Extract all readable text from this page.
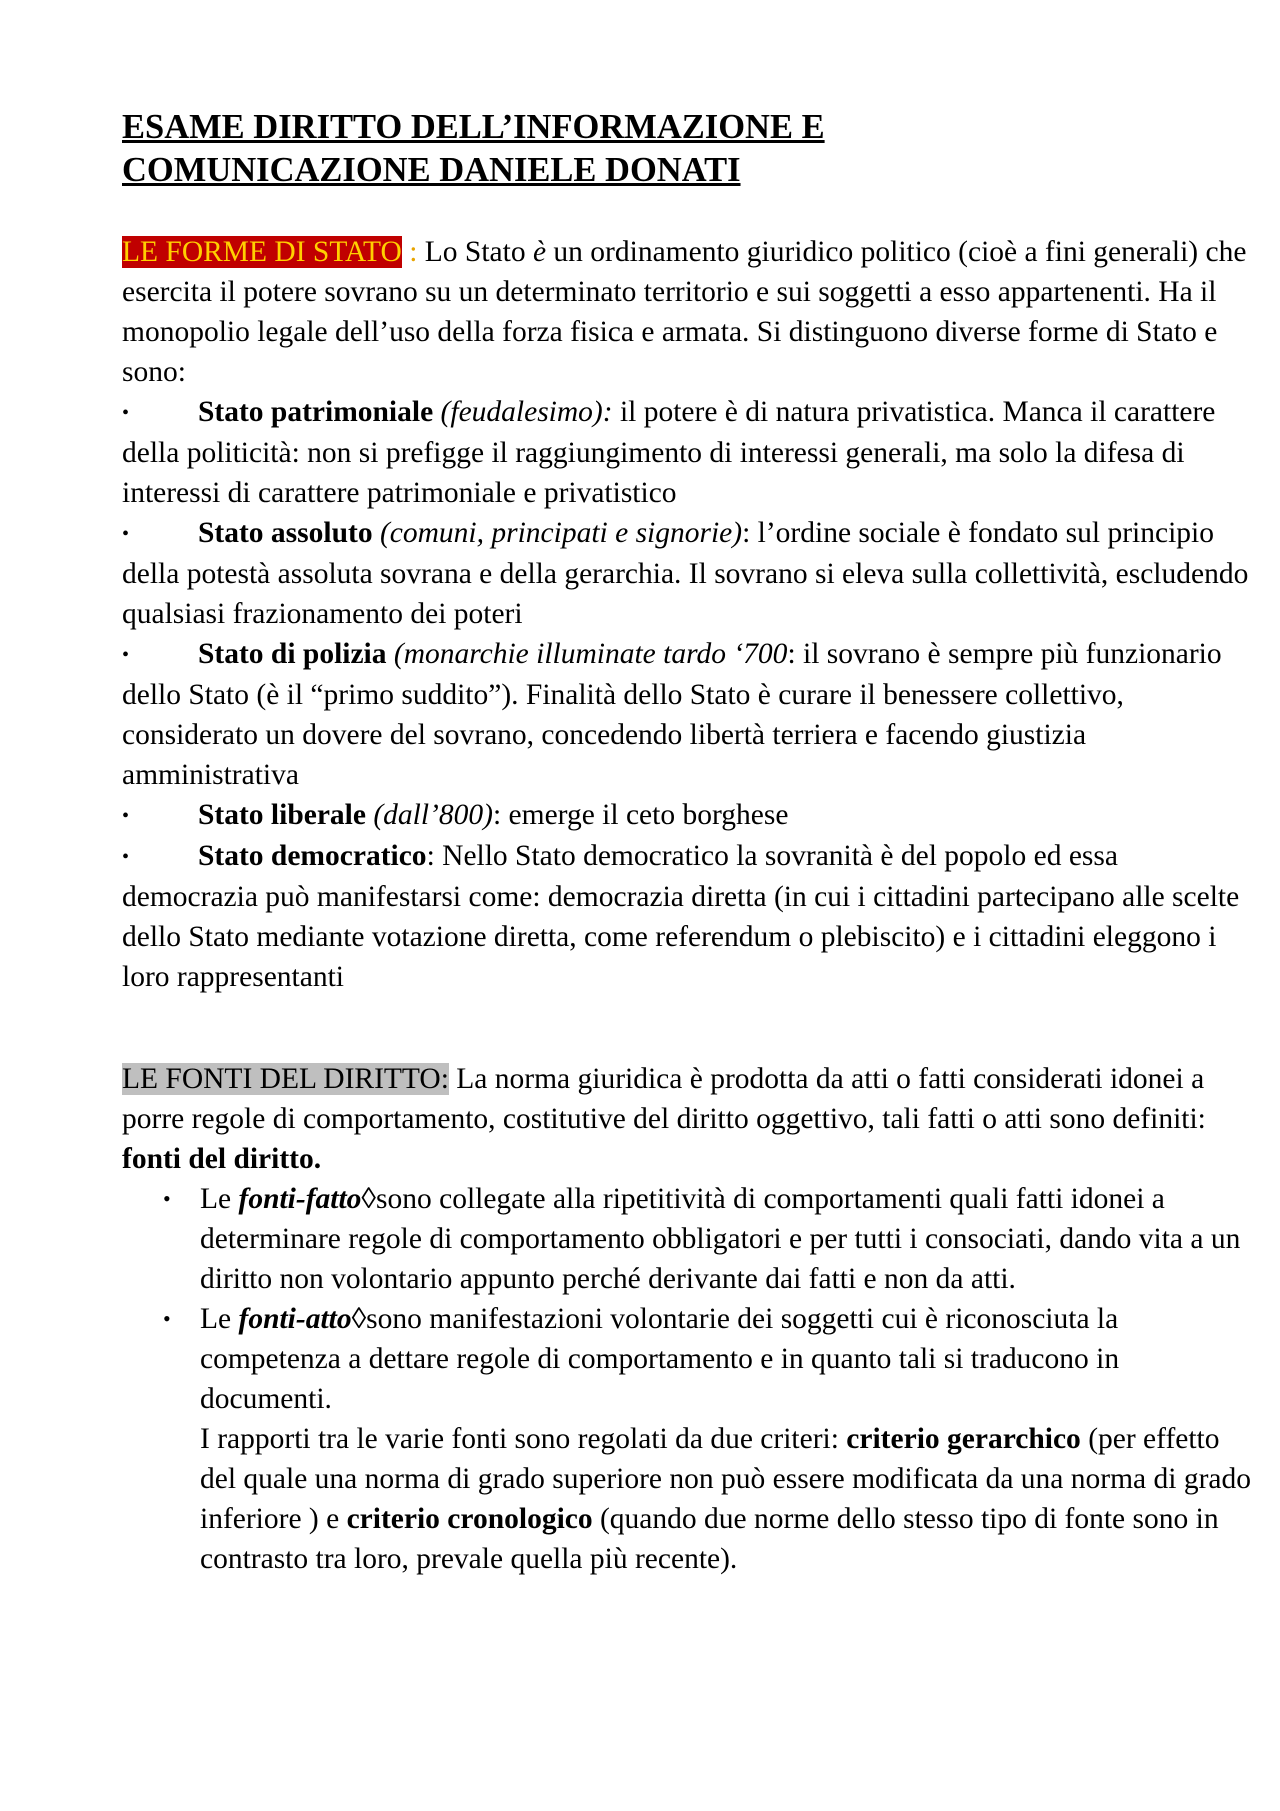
ESAME DIRITTO DELL’INFORMAZIONE E
COMUNICAZIONE DANIELE DONATI

LE FORME DI STATO : Lo Stato è un ordinamento giuridico politico (cioè a fini generali) che esercita il potere sovrano su un determinato territorio e sui soggetti a esso appartenenti. Ha il monopolio legale dell’uso della forza fisica e armata. Si distinguono diverse forme di Stato e sono:

•Stato patrimoniale (feudalesimo): il potere è di natura privatistica. Manca il carattere della politicità: non si prefigge il raggiungimento di interessi generali, ma solo la difesa di interessi di carattere patrimoniale e privatistico
•Stato assoluto (comuni, principati e signorie): l’ordine sociale è fondato sul principio della potestà assoluta sovrana e della gerarchia. Il sovrano si eleva sulla collettività, escludendo qualsiasi frazionamento dei poteri
•Stato di polizia (monarchie illuminate tardo ‘700: il sovrano è sempre più funzionario dello Stato (è il “primo suddito”). Finalità dello Stato è curare il benessere collettivo, considerato un dovere del sovrano, concedendo libertà terriera e facendo giustizia amministrativa
•Stato liberale (dall’800): emerge il ceto borghese
•Stato democratico: Nello Stato democratico la sovranità è del popolo ed essa democrazia può manifestarsi come: democrazia diretta (in cui i cittadini partecipano alle scelte dello Stato mediante votazione diretta, come referendum o plebiscito) e i cittadini eleggono i loro rappresentanti

LE FONTI DEL DIRITTO: La norma giuridica è prodotta da atti o fatti considerati idonei a porre regole di comportamento, costitutive del diritto oggettivo, tali fatti o atti sono definiti: fonti del diritto.

•
Le fonti-fatto◊sono collegate alla ripetitività di comportamenti quali fatti idonei a determinare regole di comportamento obbligatori e per tutti i consociati, dando vita a un diritto non volontario appunto perché derivante dai fatti e non da atti.
•
Le fonti-atto◊sono manifestazioni volontarie dei soggetti cui è riconosciuta la competenza a dettare regole di comportamento e in quanto tali si traducono in documenti.

I rapporti tra le varie fonti sono regolati da due criteri: criterio gerarchico (per effetto del quale una norma di grado superiore non può essere modificata da una norma di grado inferiore ) e criterio cronologico (quando due norme dello stesso tipo di fonte sono in contrasto tra loro, prevale quella più recente).
